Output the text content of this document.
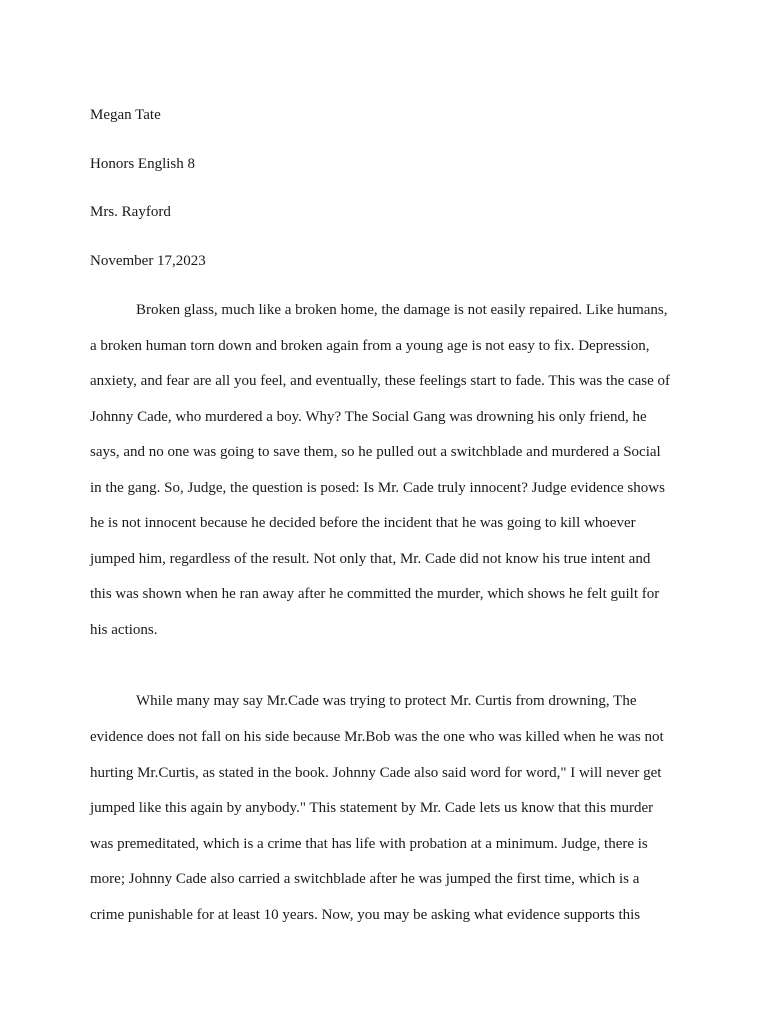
Megan Tate
Honors English 8
Mrs. Rayford
November 17,2023
Broken glass, much like a broken home, the damage is not easily repaired. Like humans,
a broken human torn down and broken again from a young age is not easy to fix. Depression,
anxiety, and fear are all you feel, and eventually, these feelings start to fade. This was the case of
Johnny Cade, who murdered a boy. Why? The Social Gang was drowning his only friend, he
says, and no one was going to save them, so he pulled out a switchblade and murdered a Social
in the gang. So, Judge, the question is posed: Is Mr. Cade truly innocent? Judge evidence shows
he is not innocent because he decided before the incident that he was going to kill whoever
jumped him, regardless of the result. Not only that, Mr. Cade did not know his true intent and
this was shown when he ran away after he committed the murder, which shows he felt guilt for
his actions.
While many may say Mr.Cade was trying to protect Mr. Curtis from drowning, The
evidence does not fall on his side because Mr.Bob was the one who was killed when he was not
hurting Mr.Curtis, as stated in the book. Johnny Cade also said word for word," I will never get
jumped like this again by anybody." This statement by Mr. Cade lets us know that this murder
was premeditated, which is a crime that has life with probation at a minimum. Judge, there is
more; Johnny Cade also carried a switchblade after he was jumped the first time, which is a
crime punishable for at least 10 years. Now, you may be asking what evidence supports this
